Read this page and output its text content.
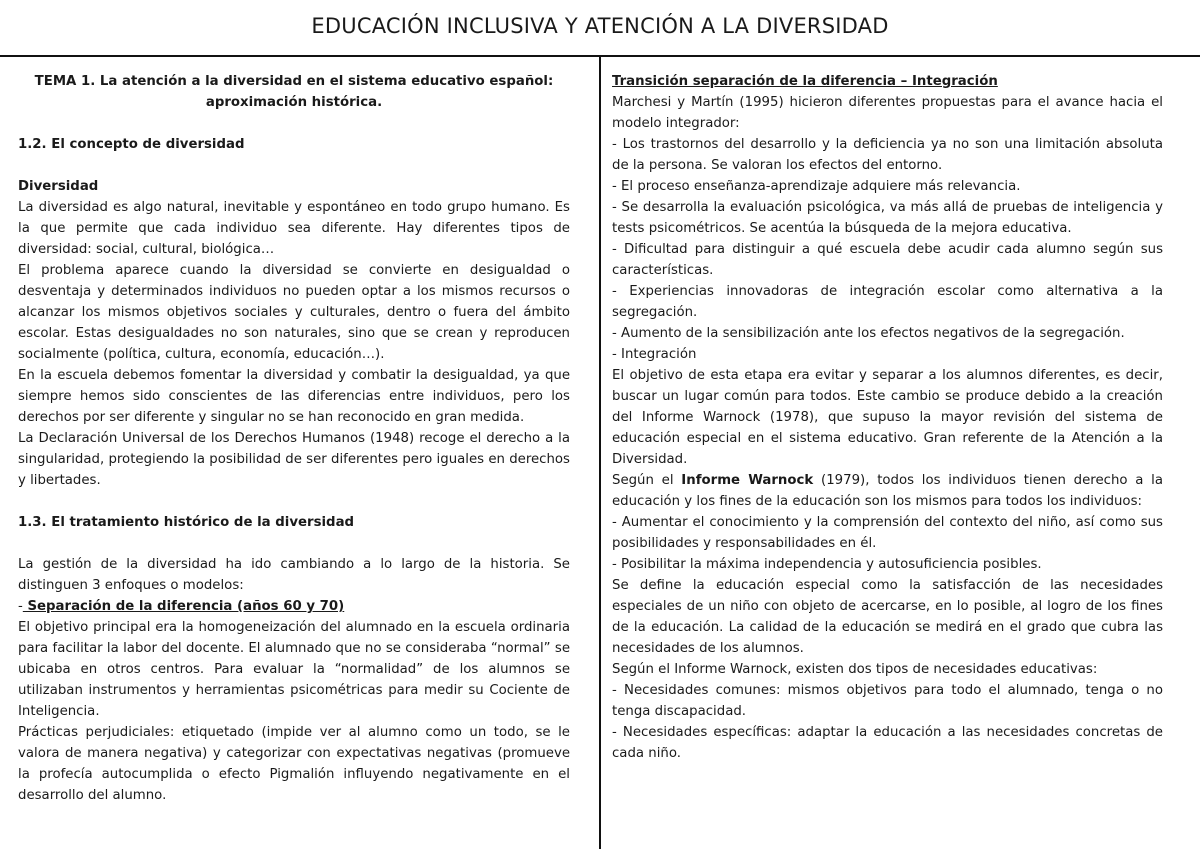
EDUCACIÓN INCLUSIVA Y ATENCIÓN A LA DIVERSIDAD

TEMA 1. La atención a la diversidad en el sistema educativo español: aproximación histórica.

1.2. El concepto de diversidad

Diversidad

La diversidad es algo natural, inevitable y espontáneo en todo grupo humano. Es la que permite que cada individuo sea diferente. Hay diferentes tipos de diversidad: social, cultural, biológica…

El problema aparece cuando la diversidad se convierte en desigualdad o desventaja y determinados individuos no pueden optar a los mismos recursos o alcanzar los mismos objetivos sociales y culturales, dentro o fuera del ámbito escolar. Estas desigualdades no son naturales, sino que se crean y reproducen socialmente (política, cultura, economía, educación…).

En la escuela debemos fomentar la diversidad y combatir la desigualdad, ya que siempre hemos sido conscientes de las diferencias entre individuos, pero los derechos por ser diferente y singular no se han reconocido en gran medida.

La Declaración Universal de los Derechos Humanos (1948) recoge el derecho a la singularidad, protegiendo la posibilidad de ser diferentes pero iguales en derechos y libertades.

1.3. El tratamiento histórico de la diversidad

La gestión de la diversidad ha ido cambiando a lo largo de la historia. Se distinguen 3 enfoques o modelos:

- Separación de la diferencia (años 60 y 70)

El objetivo principal era la homogeneización del alumnado en la escuela ordinaria para facilitar la labor del docente. El alumnado que no se consideraba “normal” se ubicaba en otros centros. Para evaluar la “normalidad” de los alumnos se utilizaban instrumentos y herramientas psicométricas para medir su Cociente de Inteligencia.

Prácticas perjudiciales: etiquetado (impide ver al alumno como un todo, se le valora de manera negativa) y categorizar con expectativas negativas (promueve la profecía autocumplida o efecto Pigmalión influyendo negativamente en el desarrollo del alumno.

Transición separación de la diferencia – Integración

Marchesi y Martín (1995) hicieron diferentes propuestas para el avance hacia el modelo integrador:

- Los trastornos del desarrollo y la deficiencia ya no son una limitación absoluta de la persona. Se valoran los efectos del entorno.

- El proceso enseñanza-aprendizaje adquiere más relevancia.

- Se desarrolla la evaluación psicológica, va más allá de pruebas de inteligencia y tests psicométricos. Se acentúa la búsqueda de la mejora educativa.

- Dificultad para distinguir a qué escuela debe acudir cada alumno según sus características.

- Experiencias innovadoras de integración escolar como alternativa a la segregación.

- Aumento de la sensibilización ante los efectos negativos de la segregación.

- Integración

El objetivo de esta etapa era evitar y separar a los alumnos diferentes, es decir, buscar un lugar común para todos. Este cambio se produce debido a la creación del Informe Warnock (1978), que supuso la mayor revisión del sistema de educación especial en el sistema educativo. Gran referente de la Atención a la Diversidad.

Según el Informe Warnock (1979), todos los individuos tienen derecho a la educación y los fines de la educación son los mismos para todos los individuos:

- Aumentar el conocimiento y la comprensión del contexto del niño, así como sus posibilidades y responsabilidades en él.

- Posibilitar la máxima independencia y autosuficiencia posibles.

Se define la educación especial como la satisfacción de las necesidades especiales de un niño con objeto de acercarse, en lo posible, al logro de los fines de la educación. La calidad de la educación se medirá en el grado que cubra las necesidades de los alumnos.

Según el Informe Warnock, existen dos tipos de necesidades educativas:

- Necesidades comunes: mismos objetivos para todo el alumnado, tenga o no tenga discapacidad.

- Necesidades específicas: adaptar la educación a las necesidades concretas de cada niño.
